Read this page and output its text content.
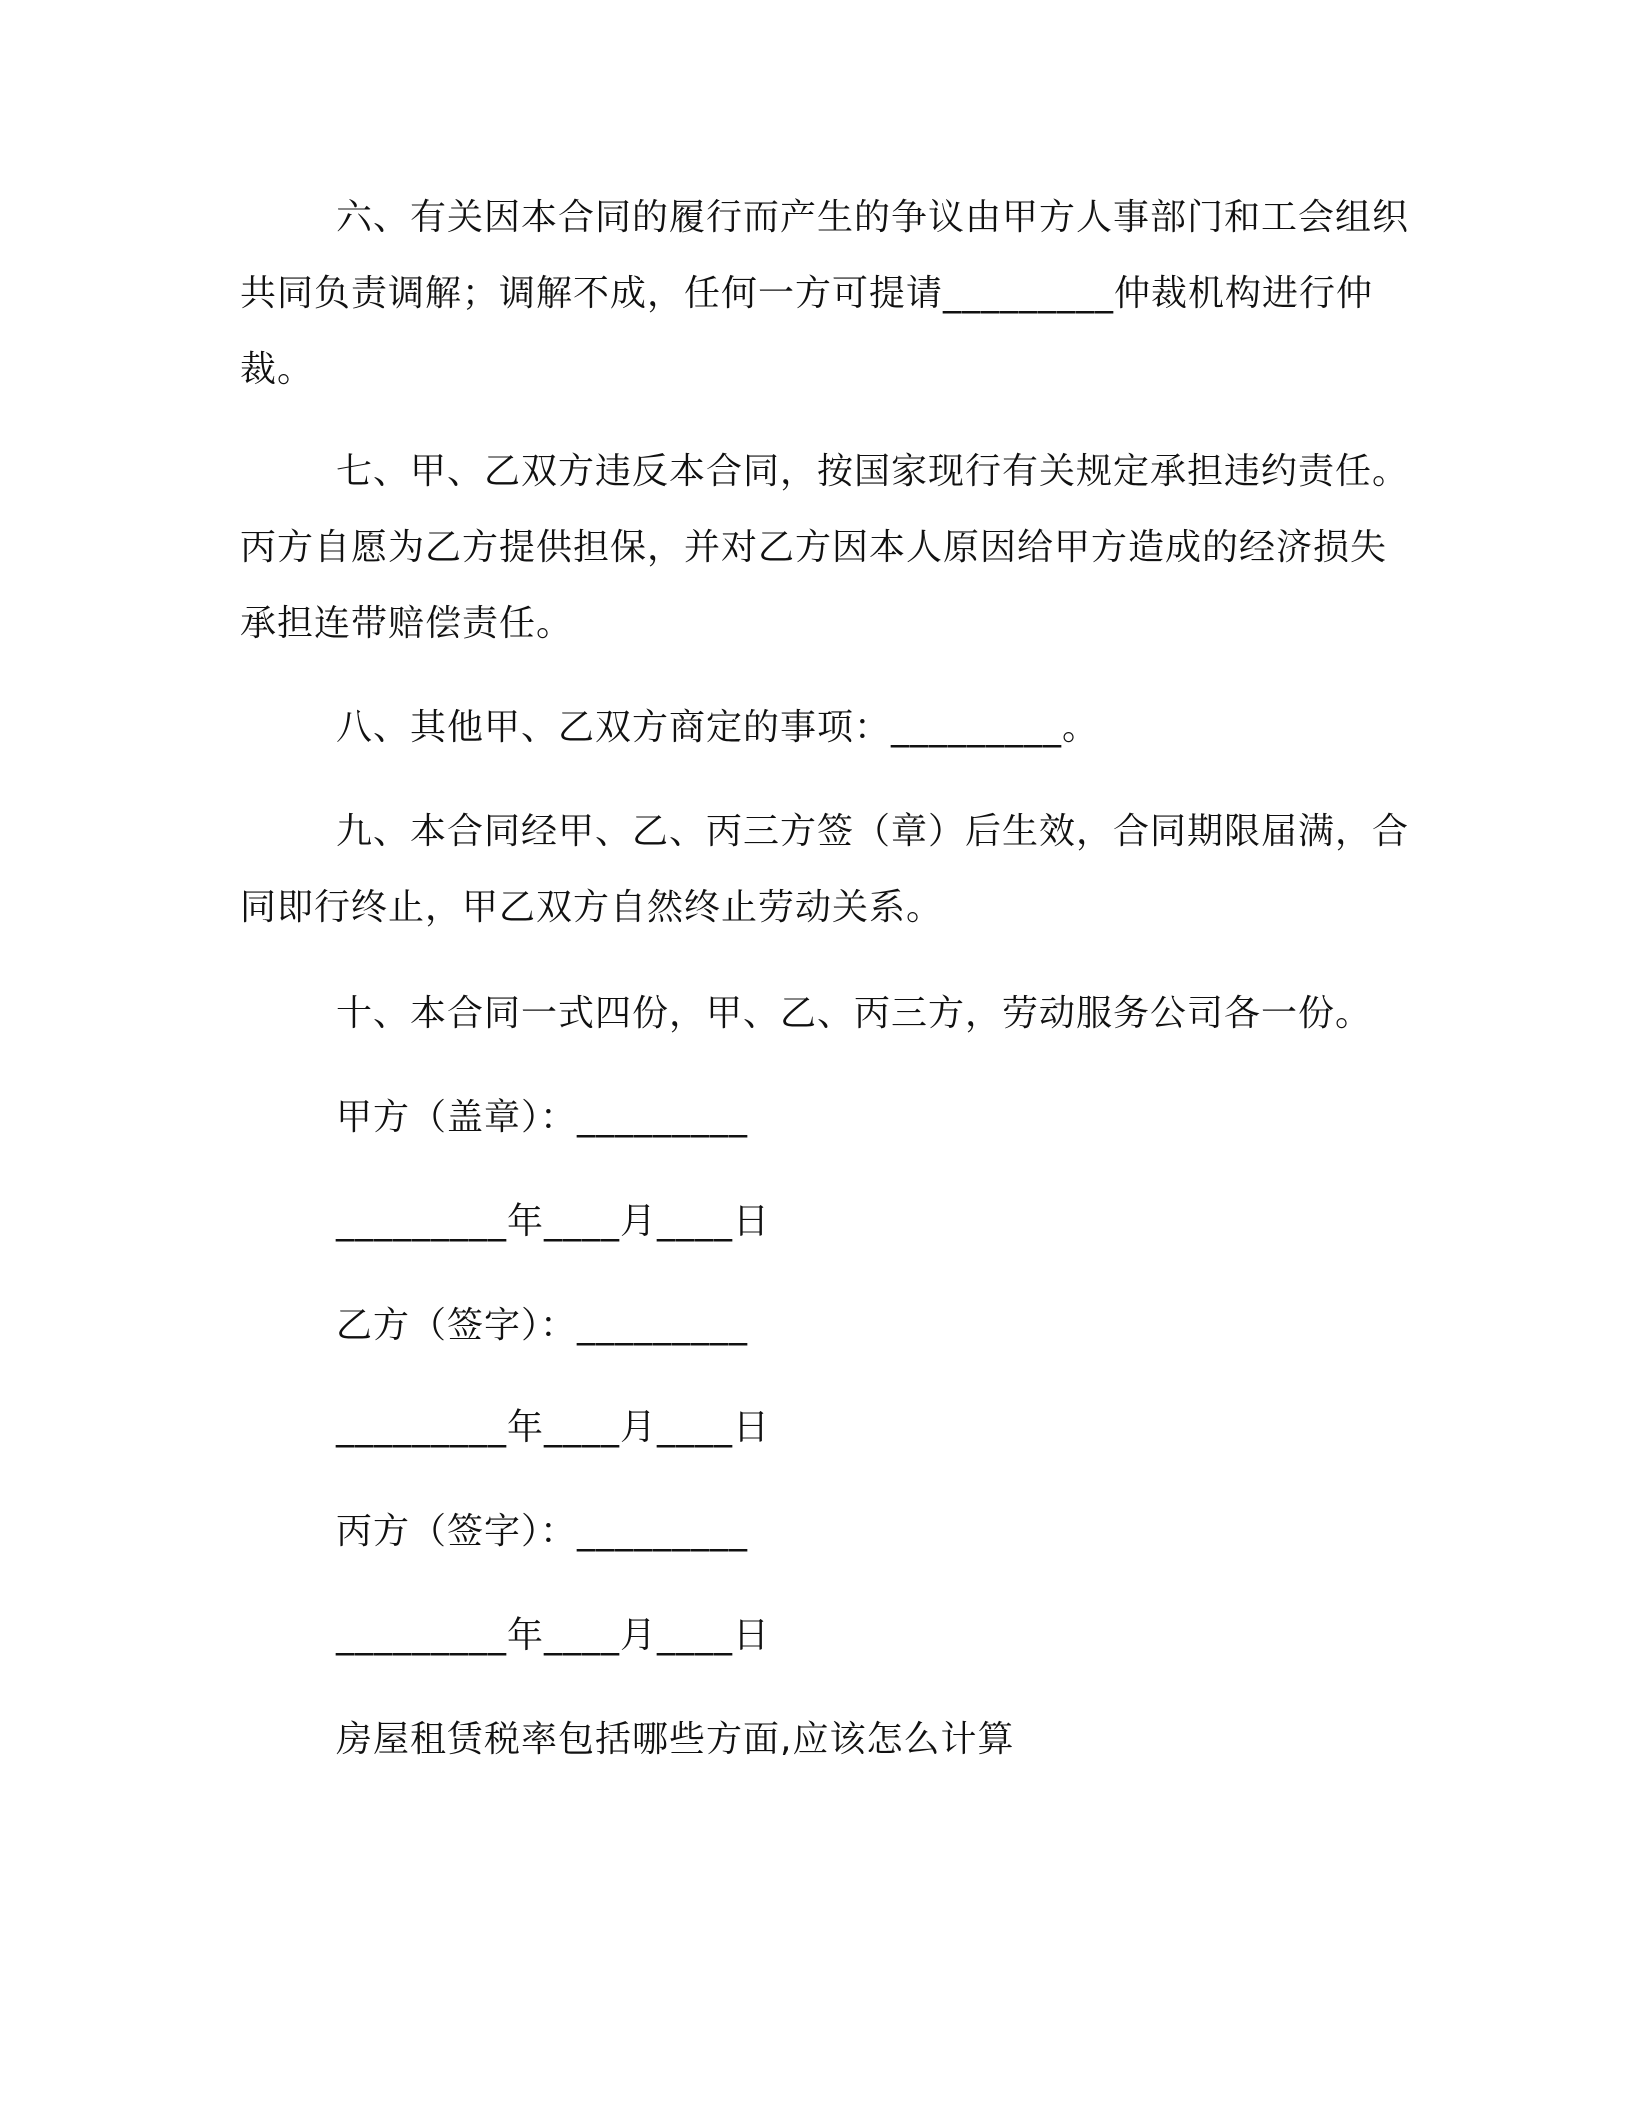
六、有关因本合同的履行而产生的争议由甲方人事部门和工会组织共同负责调解；调解不成，任何一方可提请_________仲裁机构进行仲裁。
七、甲、乙双方违反本合同，按国家现行有关规定承担违约责任。丙方自愿为乙方提供担保，并对乙方因本人原因给甲方造成的经济损失承担连带赔偿责任。
八、其他甲、乙双方商定的事项：_________。
九、本合同经甲、乙、丙三方签（章）后生效，合同期限届满，合同即行终止，甲乙双方自然终止劳动关系。
十、本合同一式四份，甲、乙、丙三方，劳动服务公司各一份。
甲方（盖章）：_________
_________年____月____日
乙方（签字）：_________
_________年____月____日
丙方（签字）：_________
_________年____月____日
房屋租赁税率包括哪些方面,应该怎么计算
